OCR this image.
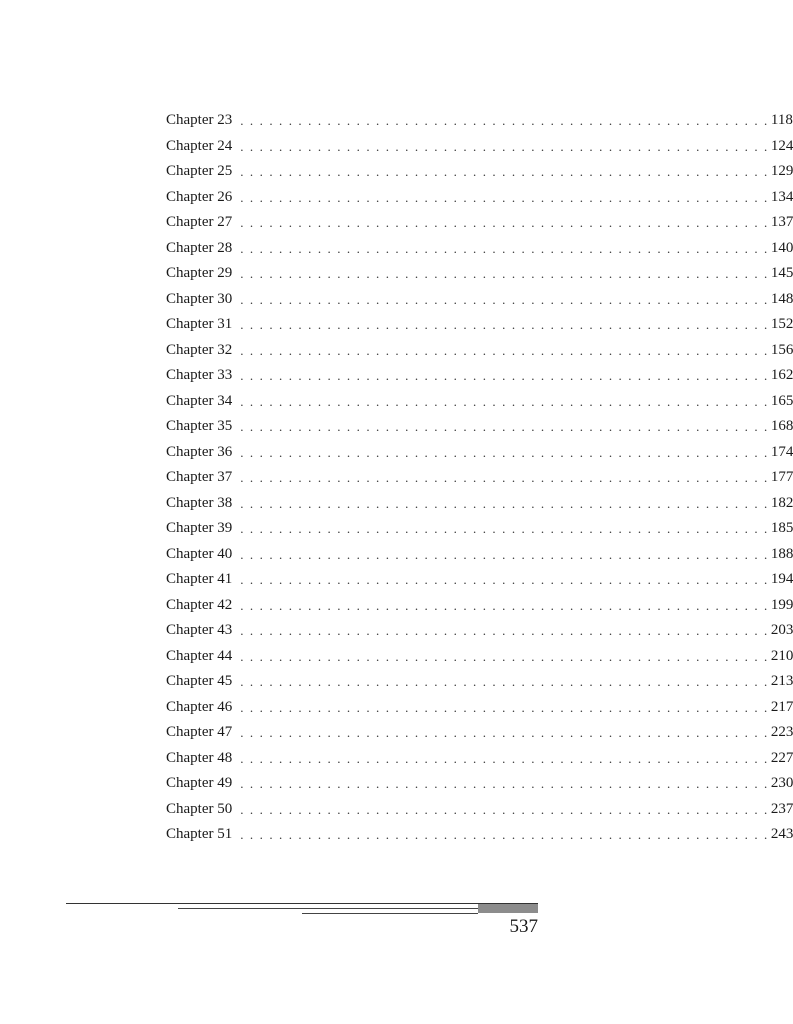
Chapter 23 . . . . . . . . . . . . . . . . . . . . . . . . . . . . . . . . . . . . . . . . . . . . . . . . . . . . . . . 118
Chapter 24 . . . . . . . . . . . . . . . . . . . . . . . . . . . . . . . . . . . . . . . . . . . . . . . . . . . . . . . 124
Chapter 25 . . . . . . . . . . . . . . . . . . . . . . . . . . . . . . . . . . . . . . . . . . . . . . . . . . . . . . . 129
Chapter 26 . . . . . . . . . . . . . . . . . . . . . . . . . . . . . . . . . . . . . . . . . . . . . . . . . . . . . . . 134
Chapter 27 . . . . . . . . . . . . . . . . . . . . . . . . . . . . . . . . . . . . . . . . . . . . . . . . . . . . . . . 137
Chapter 28 . . . . . . . . . . . . . . . . . . . . . . . . . . . . . . . . . . . . . . . . . . . . . . . . . . . . . . . 140
Chapter 29 . . . . . . . . . . . . . . . . . . . . . . . . . . . . . . . . . . . . . . . . . . . . . . . . . . . . . . . 145
Chapter 30 . . . . . . . . . . . . . . . . . . . . . . . . . . . . . . . . . . . . . . . . . . . . . . . . . . . . . . . 148
Chapter 31 . . . . . . . . . . . . . . . . . . . . . . . . . . . . . . . . . . . . . . . . . . . . . . . . . . . . . . . 152
Chapter 32 . . . . . . . . . . . . . . . . . . . . . . . . . . . . . . . . . . . . . . . . . . . . . . . . . . . . . . . 156
Chapter 33 . . . . . . . . . . . . . . . . . . . . . . . . . . . . . . . . . . . . . . . . . . . . . . . . . . . . . . . 162
Chapter 34 . . . . . . . . . . . . . . . . . . . . . . . . . . . . . . . . . . . . . . . . . . . . . . . . . . . . . . . 165
Chapter 35 . . . . . . . . . . . . . . . . . . . . . . . . . . . . . . . . . . . . . . . . . . . . . . . . . . . . . . . 168
Chapter 36 . . . . . . . . . . . . . . . . . . . . . . . . . . . . . . . . . . . . . . . . . . . . . . . . . . . . . . . 174
Chapter 37 . . . . . . . . . . . . . . . . . . . . . . . . . . . . . . . . . . . . . . . . . . . . . . . . . . . . . . . 177
Chapter 38 . . . . . . . . . . . . . . . . . . . . . . . . . . . . . . . . . . . . . . . . . . . . . . . . . . . . . . . 182
Chapter 39 . . . . . . . . . . . . . . . . . . . . . . . . . . . . . . . . . . . . . . . . . . . . . . . . . . . . . . . 185
Chapter 40 . . . . . . . . . . . . . . . . . . . . . . . . . . . . . . . . . . . . . . . . . . . . . . . . . . . . . . . 188
Chapter 41 . . . . . . . . . . . . . . . . . . . . . . . . . . . . . . . . . . . . . . . . . . . . . . . . . . . . . . . 194
Chapter 42 . . . . . . . . . . . . . . . . . . . . . . . . . . . . . . . . . . . . . . . . . . . . . . . . . . . . . . . 199
Chapter 43 . . . . . . . . . . . . . . . . . . . . . . . . . . . . . . . . . . . . . . . . . . . . . . . . . . . . . . . 203
Chapter 44 . . . . . . . . . . . . . . . . . . . . . . . . . . . . . . . . . . . . . . . . . . . . . . . . . . . . . . . 210
Chapter 45 . . . . . . . . . . . . . . . . . . . . . . . . . . . . . . . . . . . . . . . . . . . . . . . . . . . . . . . 213
Chapter 46 . . . . . . . . . . . . . . . . . . . . . . . . . . . . . . . . . . . . . . . . . . . . . . . . . . . . . . . 217
Chapter 47 . . . . . . . . . . . . . . . . . . . . . . . . . . . . . . . . . . . . . . . . . . . . . . . . . . . . . . . 223
Chapter 48 . . . . . . . . . . . . . . . . . . . . . . . . . . . . . . . . . . . . . . . . . . . . . . . . . . . . . . . 227
Chapter 49 . . . . . . . . . . . . . . . . . . . . . . . . . . . . . . . . . . . . . . . . . . . . . . . . . . . . . . . 230
Chapter 50 . . . . . . . . . . . . . . . . . . . . . . . . . . . . . . . . . . . . . . . . . . . . . . . . . . . . . . . 237
Chapter 51 . . . . . . . . . . . . . . . . . . . . . . . . . . . . . . . . . . . . . . . . . . . . . . . . . . . . . . . 243
537
